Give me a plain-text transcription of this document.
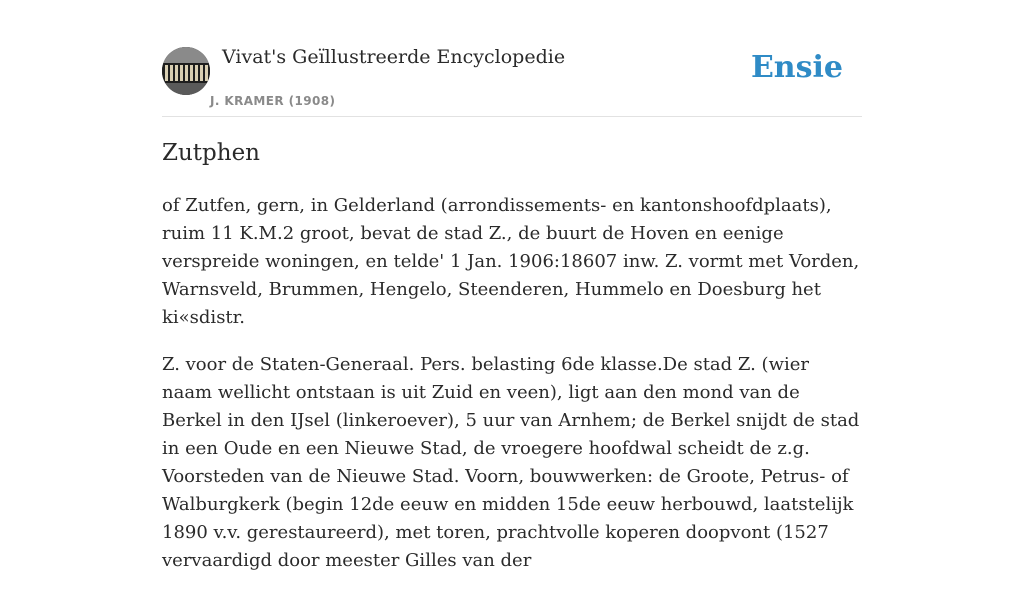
Vivat's Geïllustreerde Encyclopedie
J. KRAMER (1908)
Ensie
Zutphen

of Zutfen, gern, in Gelderland (arrondissements- en kantonshoofdplaats), ruim 11 K.M.2 groot, bevat de stad Z., de buurt de Hoven en eenige verspreide woningen, en telde' 1 Jan. 1906:18607 inw. Z. vormt met Vorden, Warnsveld, Brummen, Hengelo, Steenderen, Hummelo en Doesburg het ki«sdistr.

Z. voor de Staten-Generaal. Pers. belasting 6de klasse.De stad Z. (wier naam wellicht ontstaan is uit Zuid en veen), ligt aan den mond van de Berkel in den IJsel (linkeroever), 5 uur van Arnhem; de Berkel snijdt de stad in een Oude en een Nieuwe Stad, de vroegere hoofdwal scheidt de z.g. Voorsteden van de Nieuwe Stad. Voorn, bouwwerken: de Groote, Petrus- of Walburgkerk (begin 12de eeuw en midden 15de eeuw herbouwd, laatstelijk 1890 v.v. gerestaureerd), met toren, prachtvolle koperen doopvont (1527 vervaardigd door meester Gilles van der
